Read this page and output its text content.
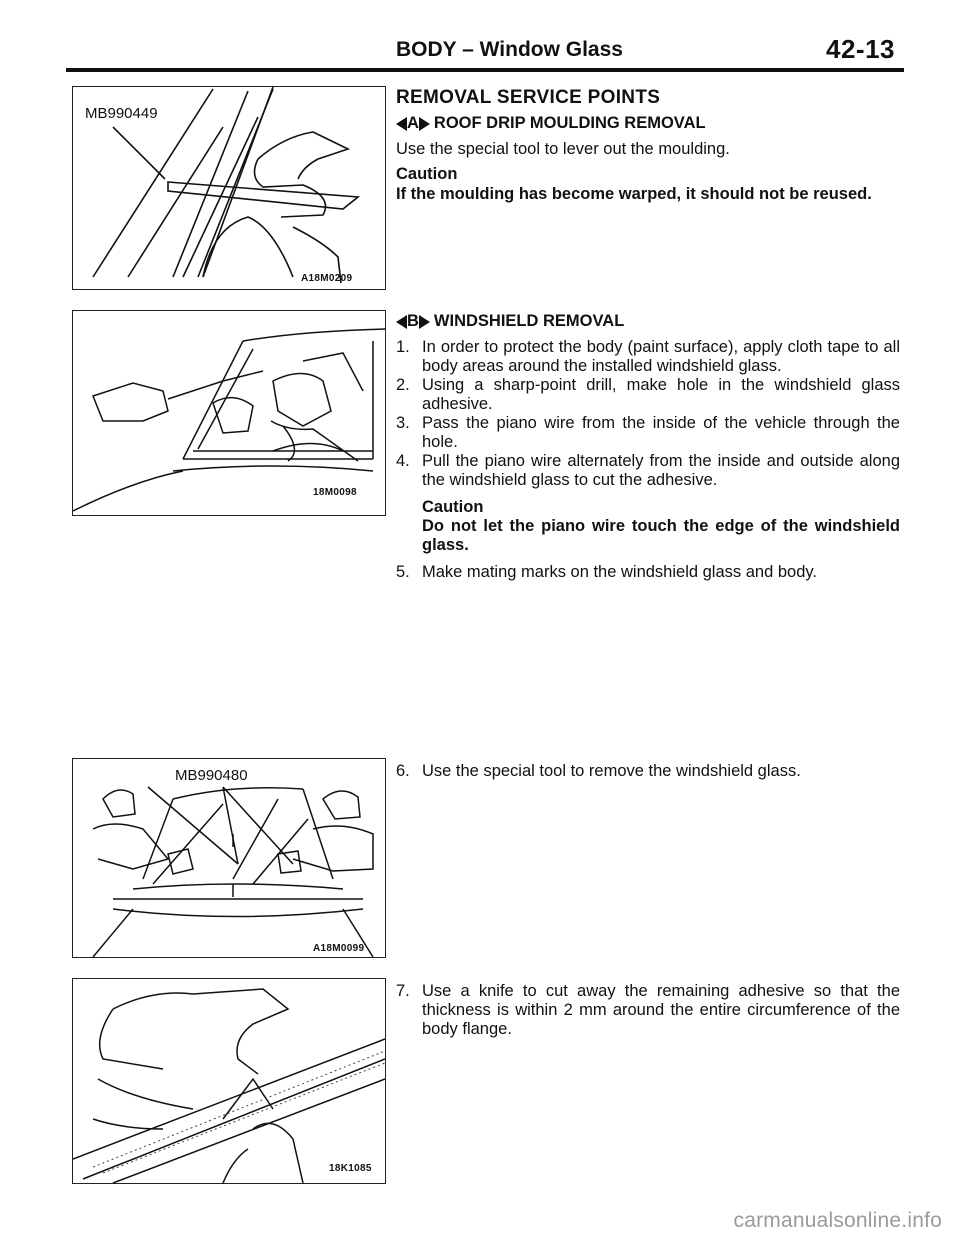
BODY – Window Glass	42-13
MB990449
A18M0209
18M0098
MB990480
A18M0099
18K1085
REMOVAL SERVICE POINTS
A ROOF DRIP MOULDING REMOVAL
Use the special tool to lever out the moulding.
Caution
If the moulding has become warped, it should not be reused.
B WINDSHIELD REMOVAL
1. In order to protect the body (paint surface), apply cloth tape to all body areas around the installed windshield glass.
2. Using a sharp-point drill, make hole in the windshield glass adhesive.
3. Pass the piano wire from the inside of the vehicle through the hole.
4. Pull the piano wire alternately from the inside and outside along the windshield glass to cut the adhesive.
Caution
Do not let the piano wire touch the edge of the windshield glass.
5. Make mating marks on the windshield glass and body.
6. Use the special tool to remove the windshield glass.
7. Use a knife to cut away the remaining adhesive so that the thickness is within 2 mm around the entire circumference of the body flange.
carmanualsonline.info
